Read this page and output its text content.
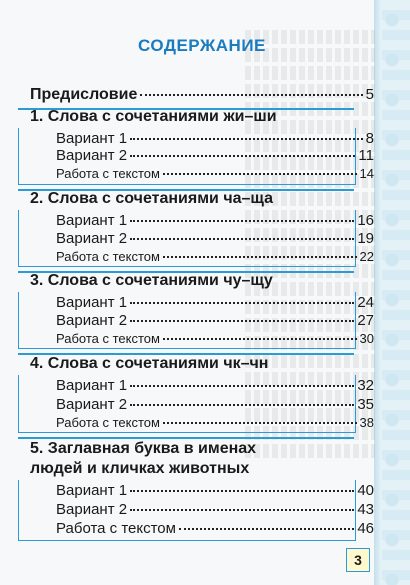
СОДЕРЖАНИЕ
Предисловие	5
1. Слова с сочетаниями жи–ши
Вариант 1	8
Вариант 2	11
Работа с текстом	14
2. Слова с сочетаниями ча–ща
Вариант 1	16
Вариант 2	19
Работа с текстом	22
3. Слова с сочетаниями чу–щу
Вариант 1	24
Вариант 2	27
Работа с текстом	30
4. Слова с сочетаниями чк–чн
Вариант 1	32
Вариант 2	35
Работа с текстом	38
5. Заглавная буква в именах
людей и кличках животных
Вариант 1	40
Вариант 2	43
Работа с текстом	46
3
